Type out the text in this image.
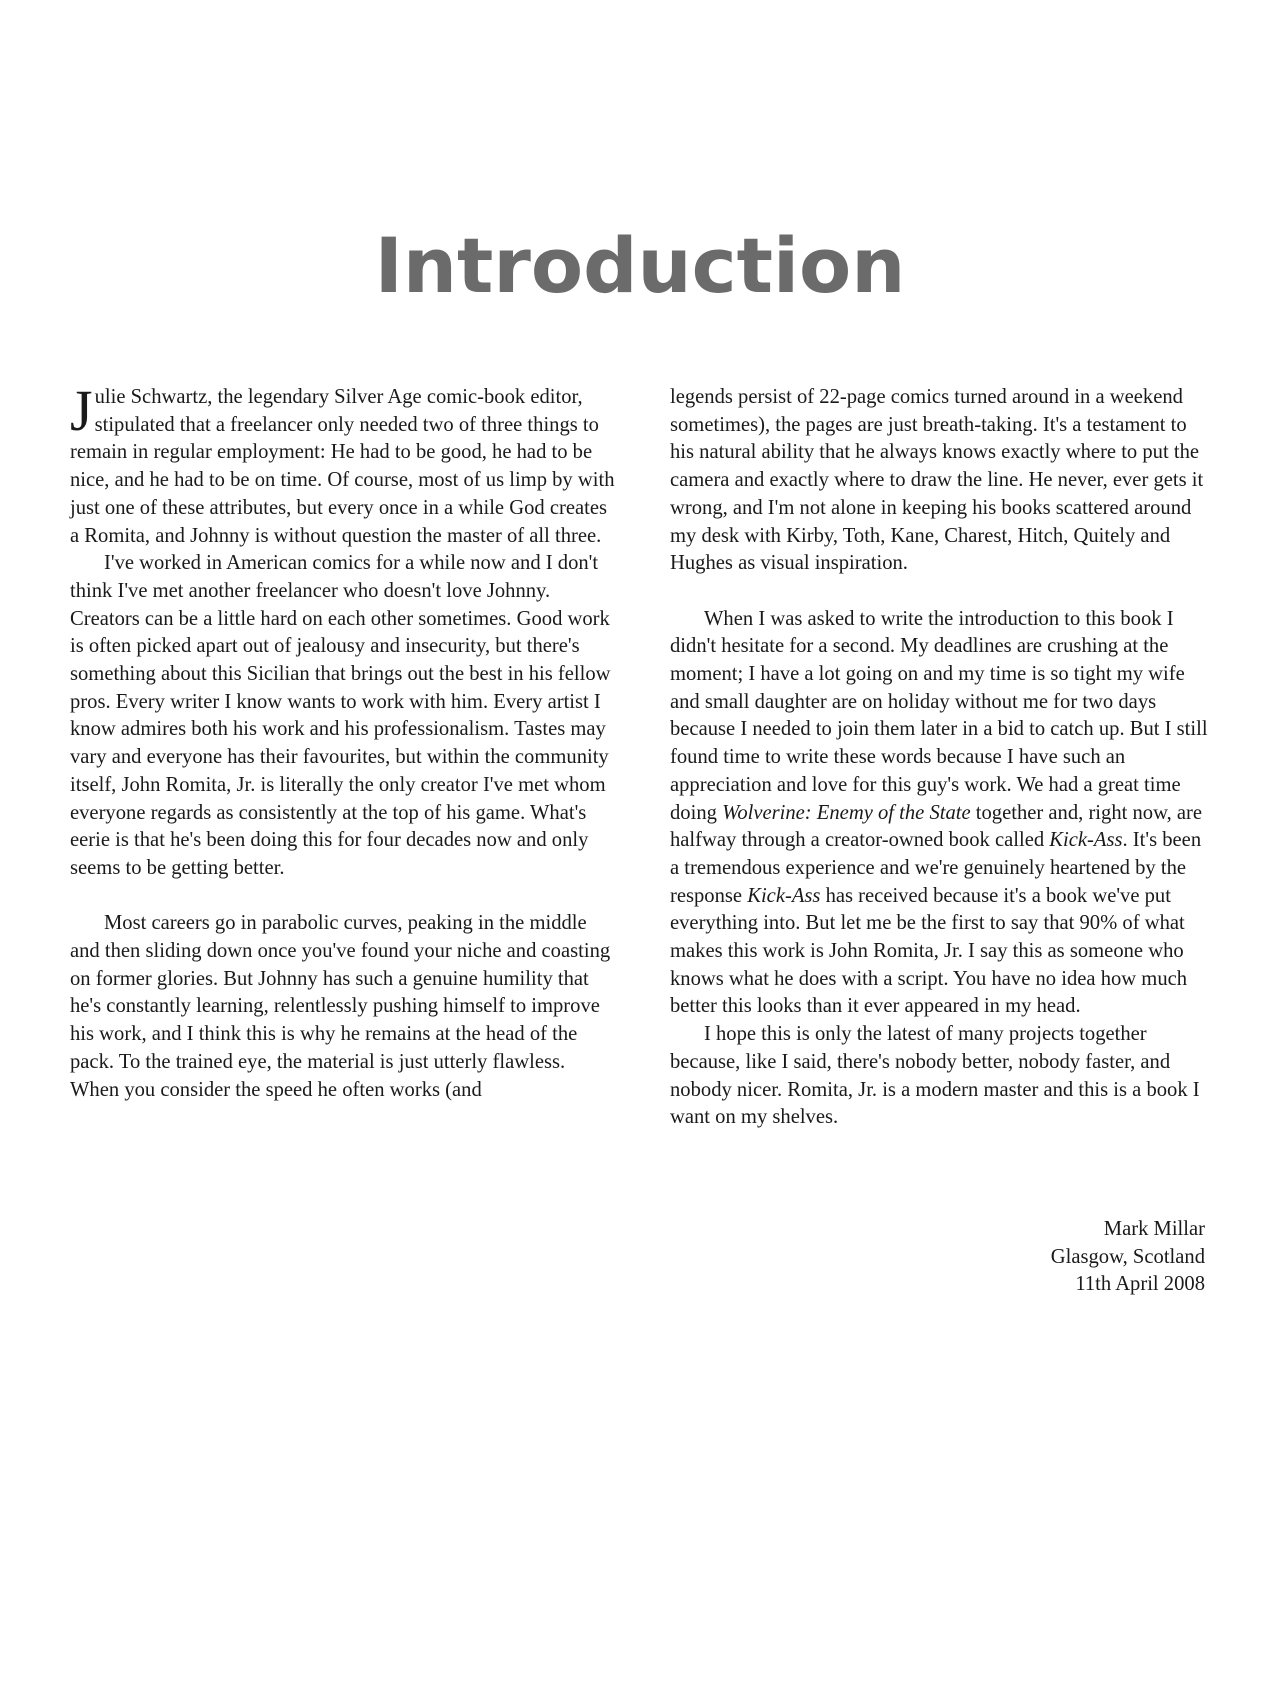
Introduction

Julie Schwartz, the legendary Silver Age comic-book editor, stipulated that a freelancer only needed two of three things to remain in regular employment: He had to be good, he had to be nice, and he had to be on time. Of course, most of us limp by with just one of these attributes, but every once in a while God creates a Romita, and Johnny is without question the master of all three.

I've worked in American comics for a while now and I don't think I've met another freelancer who doesn't love Johnny. Creators can be a little hard on each other sometimes. Good work is often picked apart out of jealousy and insecurity, but there's something about this Sicilian that brings out the best in his fellow pros. Every writer I know wants to work with him. Every artist I know admires both his work and his professionalism. Tastes may vary and everyone has their favourites, but within the community itself, John Romita, Jr. is literally the only creator I've met whom everyone regards as consistently at the top of his game. What's eerie is that he's been doing this for four decades now and only seems to be getting better.

Most careers go in parabolic curves, peaking in the middle and then sliding down once you've found your niche and coasting on former glories. But Johnny has such a genuine humility that he's constantly learning, relentlessly pushing himself to improve his work, and I think this is why he remains at the head of the pack. To the trained eye, the material is just utterly flawless. When you consider the speed he often works (and

legends persist of 22-page comics turned around in a weekend sometimes), the pages are just breath-taking. It's a testament to his natural ability that he always knows exactly where to put the camera and exactly where to draw the line. He never, ever gets it wrong, and I'm not alone in keeping his books scattered around my desk with Kirby, Toth, Kane, Charest, Hitch, Quitely and Hughes as visual inspiration.

When I was asked to write the introduction to this book I didn't hesitate for a second. My deadlines are crushing at the moment; I have a lot going on and my time is so tight my wife and small daughter are on holiday without me for two days because I needed to join them later in a bid to catch up. But I still found time to write these words because I have such an appreciation and love for this guy's work. We had a great time doing Wolverine: Enemy of the State together and, right now, are halfway through a creator-owned book called Kick-Ass. It's been a tremendous experience and we're genuinely heartened by the response Kick-Ass has received because it's a book we've put everything into. But let me be the first to say that 90% of what makes this work is John Romita, Jr. I say this as someone who knows what he does with a script. You have no idea how much better this looks than it ever appeared in my head.

I hope this is only the latest of many projects together because, like I said, there's nobody better, nobody faster, and nobody nicer. Romita, Jr. is a modern master and this is a book I want on my shelves.

Mark Millar
Glasgow, Scotland
11th April 2008
